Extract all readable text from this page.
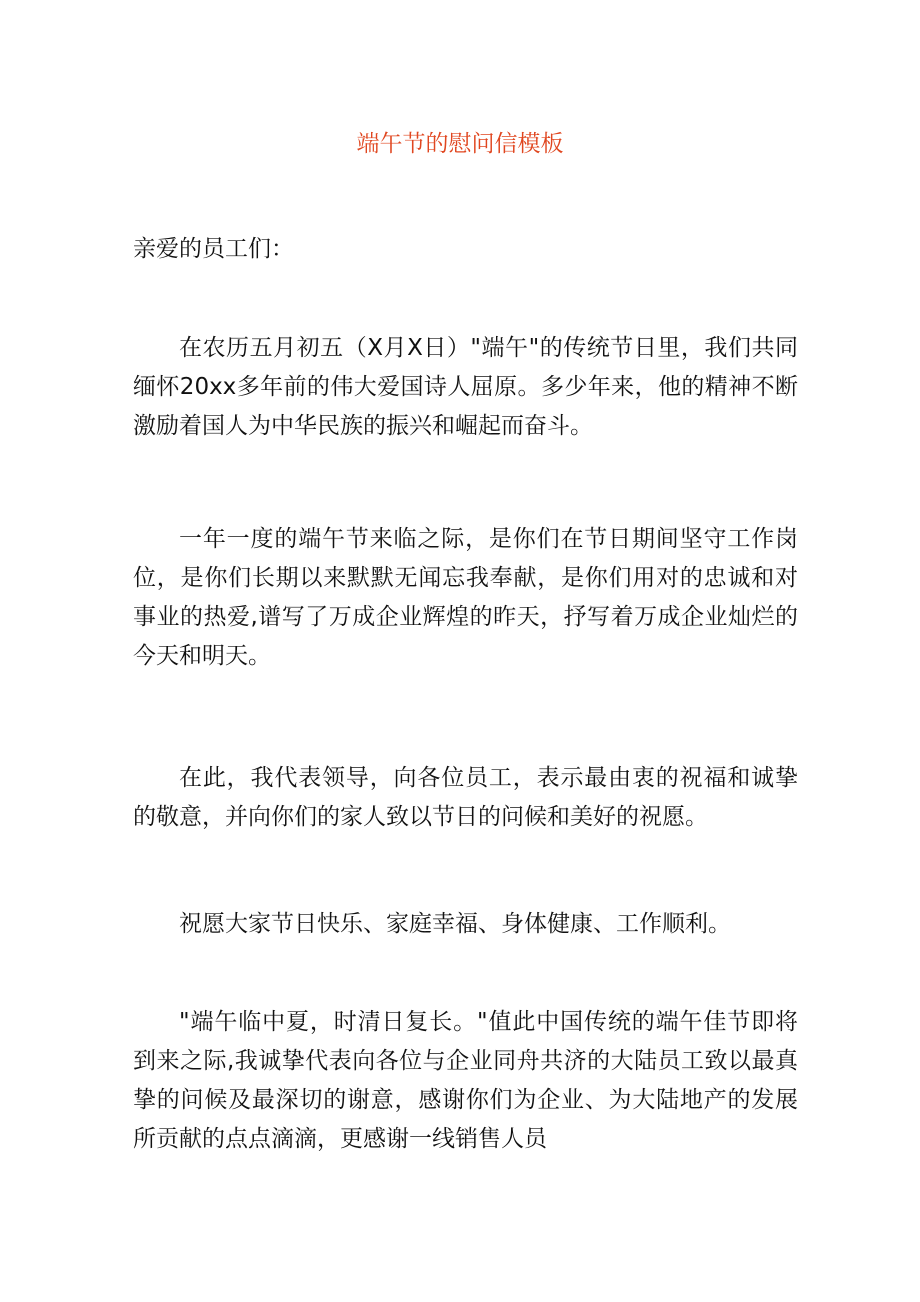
端午节的慰问信模板
亲爱的员工们：

在农历五月初五（X月X日）"端午"的传统节日里，我们共同缅怀20xx多年前的伟大爱国诗人屈原。多少年来，他的精神不断激励着国人为中华民族的振兴和崛起而奋斗。

一年一度的端午节来临之际，是你们在节日期间坚守工作岗位，是你们长期以来默默无闻忘我奉献，是你们用对的忠诚和对事业的热爱,谱写了万成企业辉煌的昨天，抒写着万成企业灿烂的今天和明天。

在此，我代表领导，向各位员工，表示最由衷的祝福和诚挚的敬意，并向你们的家人致以节日的问候和美好的祝愿。

祝愿大家节日快乐、家庭幸福、身体健康、工作顺利。

"端午临中夏，时清日复长。"值此中国传统的端午佳节即将到来之际,我诚挚代表向各位与企业同舟共济的大陆员工致以最真挚的问候及最深切的谢意，感谢你们为企业、为大陆地产的发展所贡献的点点滴滴，更感谢一线销售人员
